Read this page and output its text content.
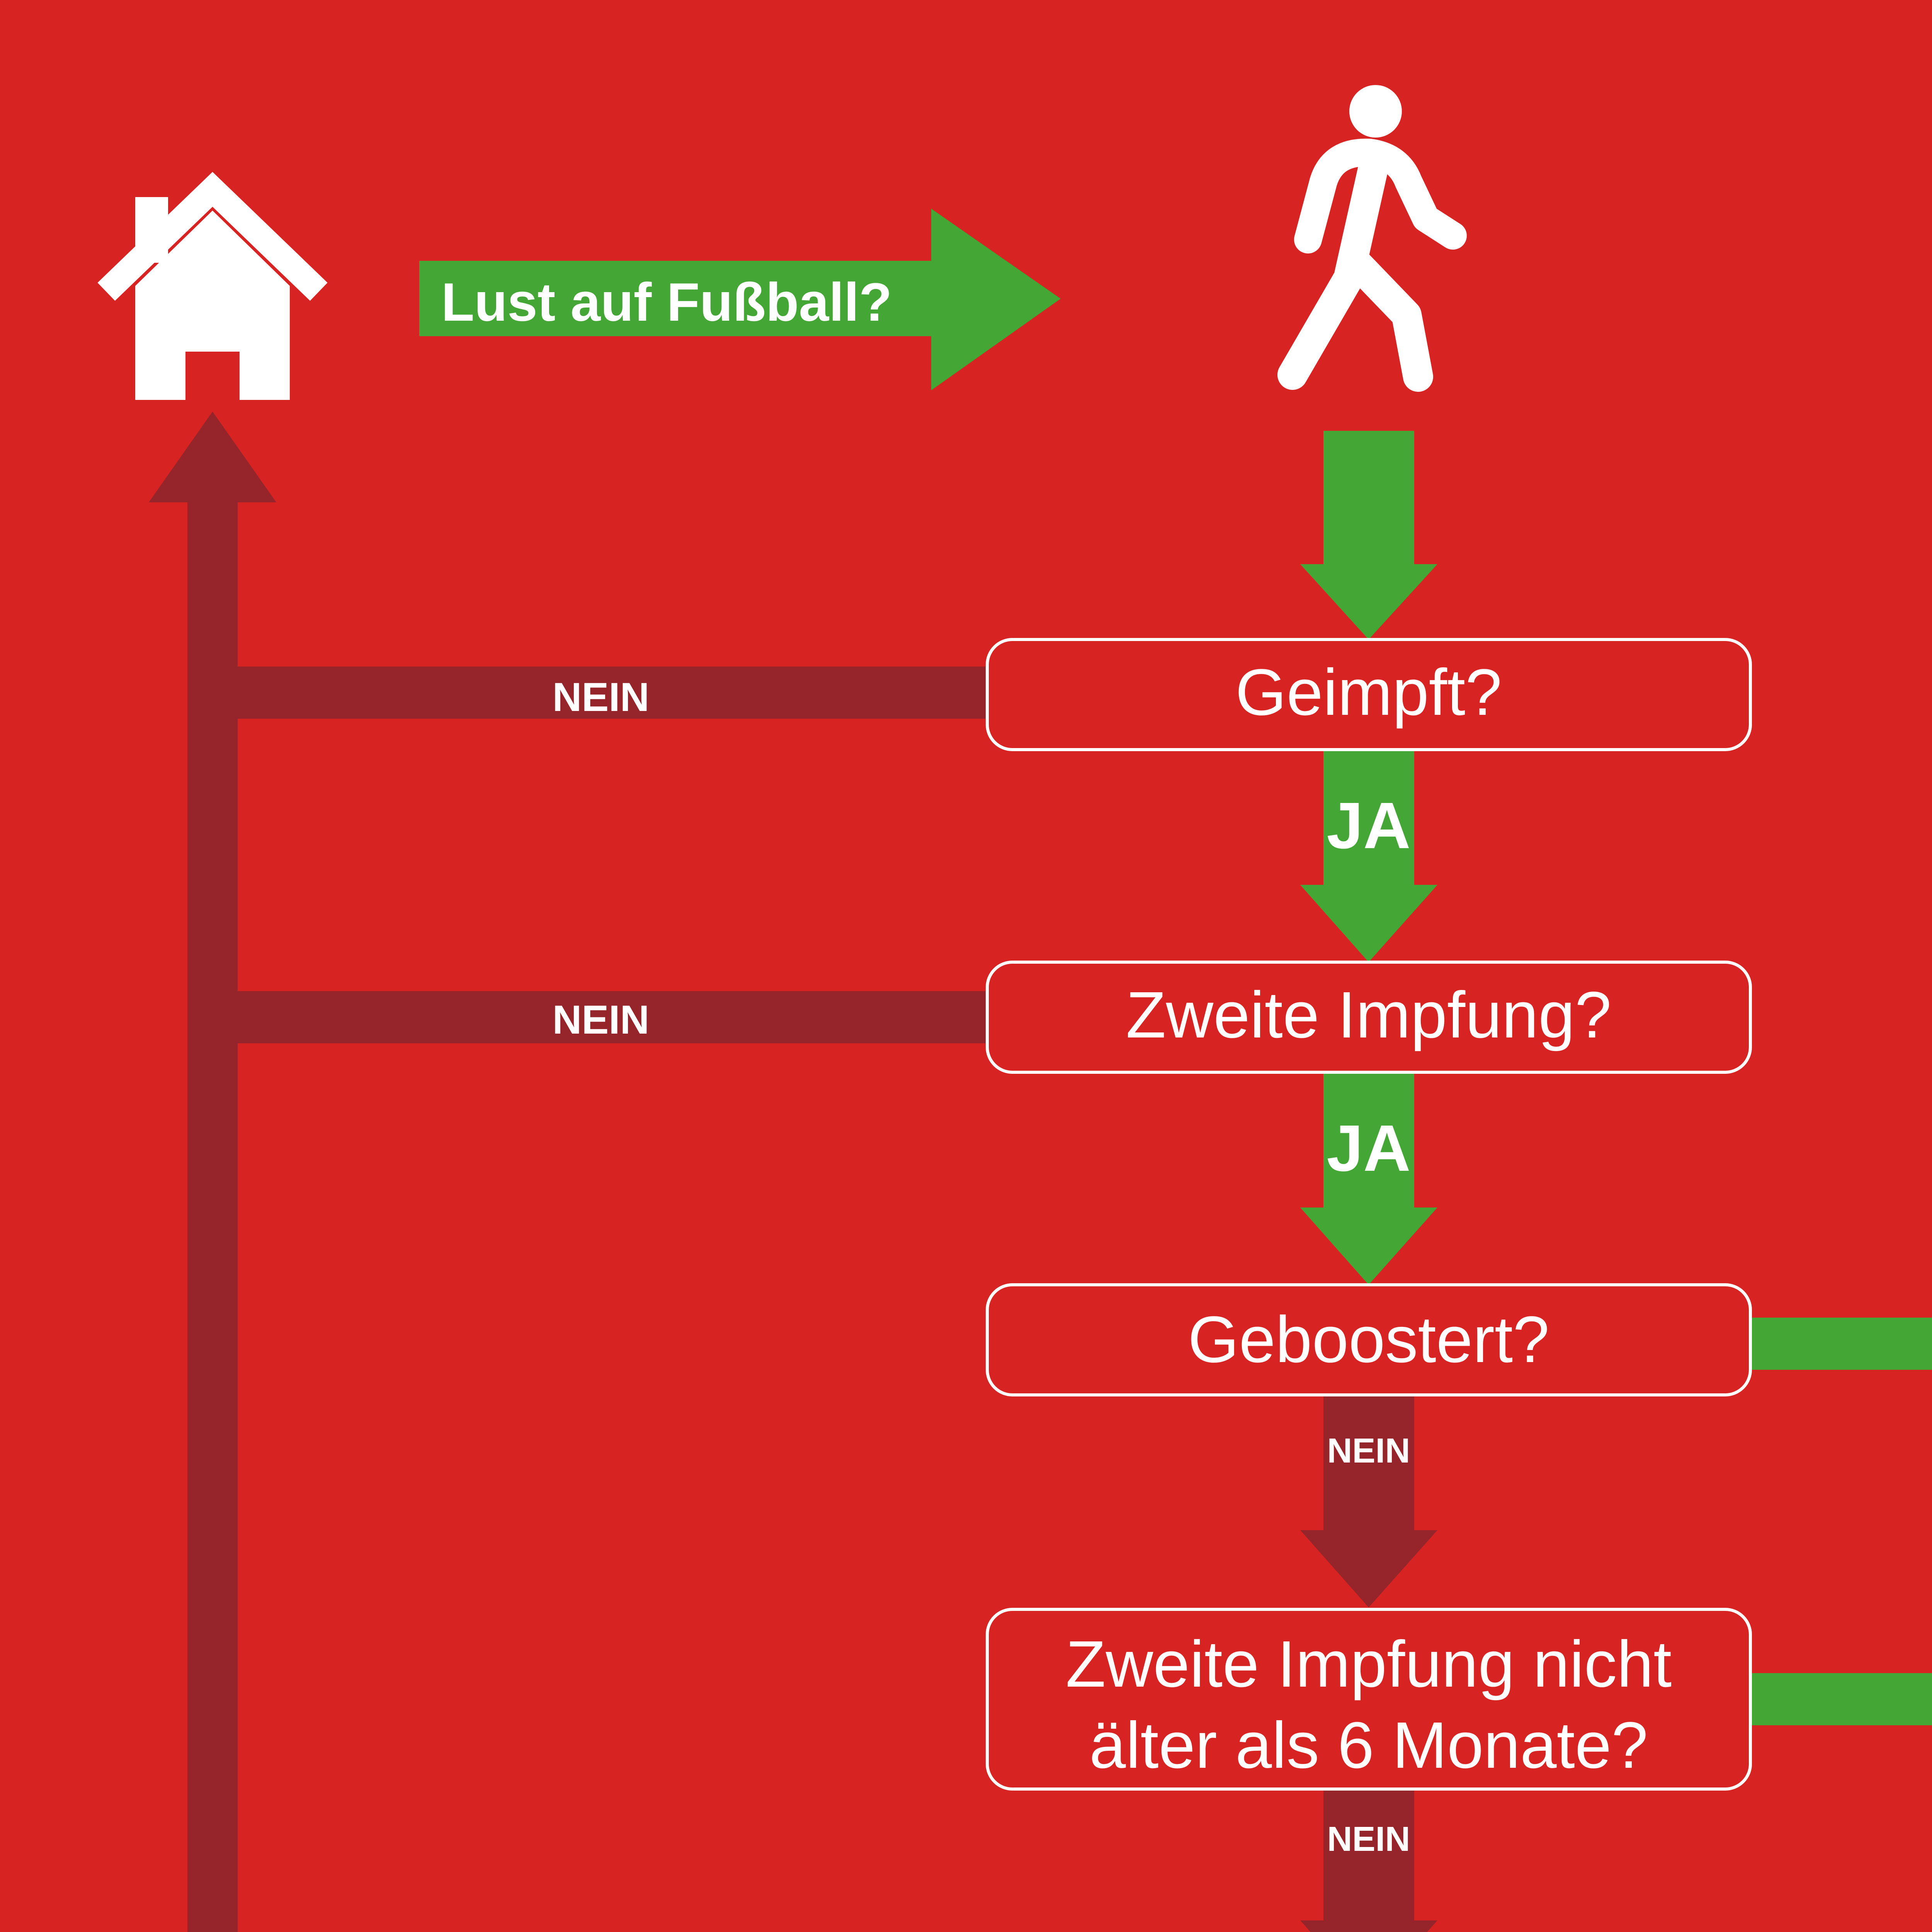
Geimpft?
Zweite Impfung?
Geboostert?
Zweite Impfung nicht
älter als 6 Monate?
Lust auf Fußball?
JA
JA
NEIN
NEIN
NEIN
NEIN
